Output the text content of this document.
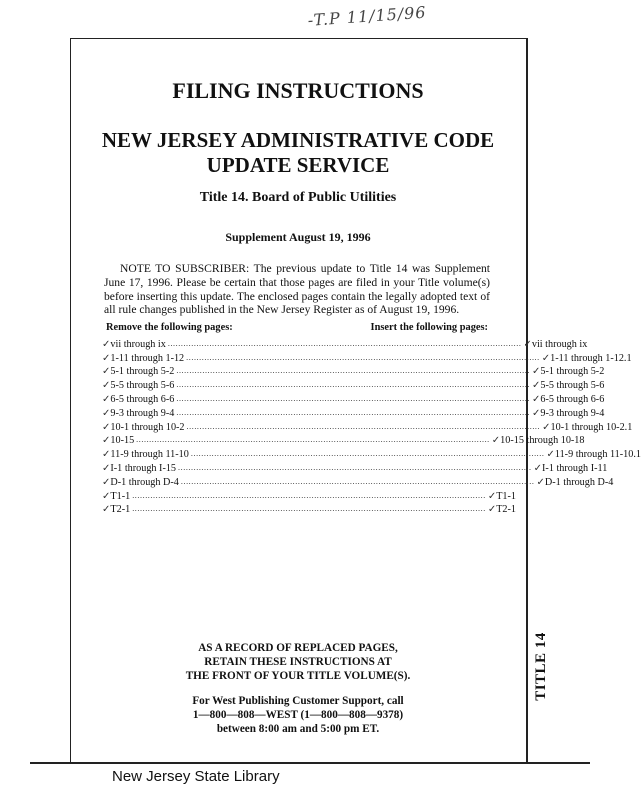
-T.P 11/15/96
FILING INSTRUCTIONS
NEW JERSEY ADMINISTRATIVE CODE
UPDATE SERVICE
Title 14. Board of Public Utilities
Supplement August 19, 1996

NOTE TO SUBSCRIBER: The previous update to Title 14 was Supplement June 17, 1996. Please be certain that those pages are filed in your Title volume(s) before inserting this update. The enclosed pages contain the legally adopted text of all rule changes published in the New Jersey Register as of August 19, 1996.

Remove the following pages:	Insert the following pages:
✓ vii through ix ........................................................................................................................................ ✓ vii through ix
✓ 1-11 through 1-12 ........................................................................................................................................ ✓ 1-11 through 1-12.1
✓ 5-1 through 5-2 ........................................................................................................................................ ✓ 5-1 through 5-2
✓ 5-5 through 5-6 ........................................................................................................................................ ✓ 5-5 through 5-6
✓ 6-5 through 6-6 ........................................................................................................................................ ✓ 6-5 through 6-6
✓ 9-3 through 9-4 ........................................................................................................................................ ✓ 9-3 through 9-4
✓ 10-1 through 10-2 ........................................................................................................................................ ✓ 10-1 through 10-2.1
✓ 10-15 ........................................................................................................................................ ✓ 10-15 through 10-18
✓ 11-9 through 11-10 ........................................................................................................................................ ✓ 11-9 through 11-10.1
✓ I-1 through I-15 ........................................................................................................................................ ✓ I-1 through I-11
✓ D-1 through D-4 ........................................................................................................................................ ✓ D-1 through D-4
✓ T1-1 ........................................................................................................................................ ✓ T1-1
✓ T2-1 ........................................................................................................................................ ✓ T2-1
AS A RECORD OF REPLACED PAGES,
RETAIN THESE INSTRUCTIONS AT
THE FRONT OF YOUR TITLE VOLUME(S).
For West Publishing Customer Support, call
1—800—808—WEST (1—800—808—9378)
between 8:00 am and 5:00 pm ET.
TITLE 14
New Jersey State Library
